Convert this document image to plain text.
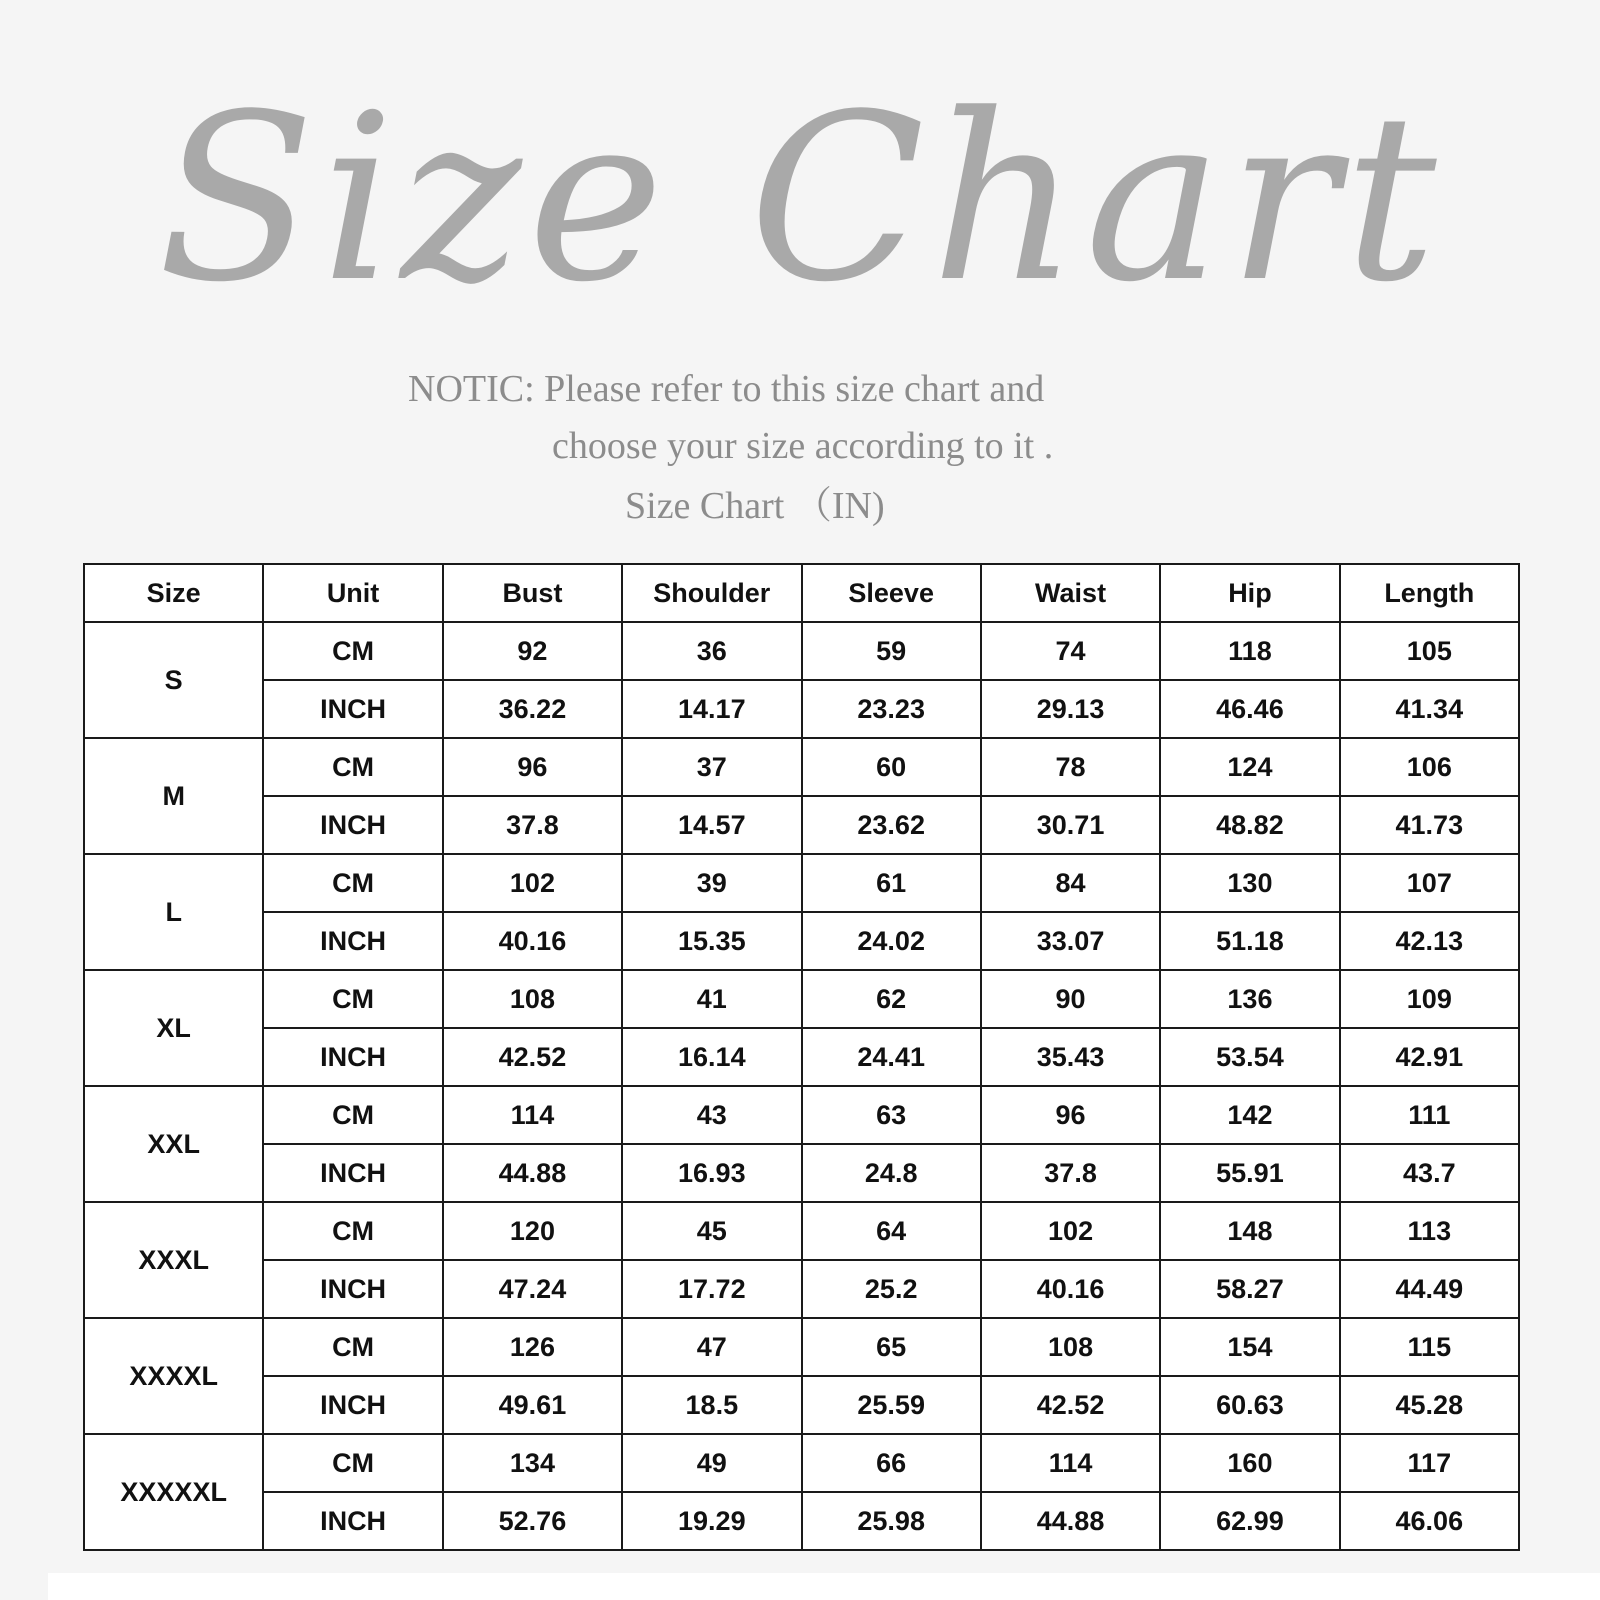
Size Chart
NOTIC: Please refer to this size chart and
choose your size according to it .
Size Chart （IN)
Size	Unit	Bust	Shoulder	Sleeve	Waist	Hip	Length
S	CM	92	36	59	74	118	105
	INCH	36.22	14.17	23.23	29.13	46.46	41.34
M	CM	96	37	60	78	124	106
	INCH	37.8	14.57	23.62	30.71	48.82	41.73
L	CM	102	39	61	84	130	107
	INCH	40.16	15.35	24.02	33.07	51.18	42.13
XL	CM	108	41	62	90	136	109
	INCH	42.52	16.14	24.41	35.43	53.54	42.91
XXL	CM	114	43	63	96	142	111
	INCH	44.88	16.93	24.8	37.8	55.91	43.7
XXXL	CM	120	45	64	102	148	113
	INCH	47.24	17.72	25.2	40.16	58.27	44.49
XXXXL	CM	126	47	65	108	154	115
	INCH	49.61	18.5	25.59	42.52	60.63	45.28
XXXXXL	CM	134	49	66	114	160	117
	INCH	52.76	19.29	25.98	44.88	62.99	46.06
